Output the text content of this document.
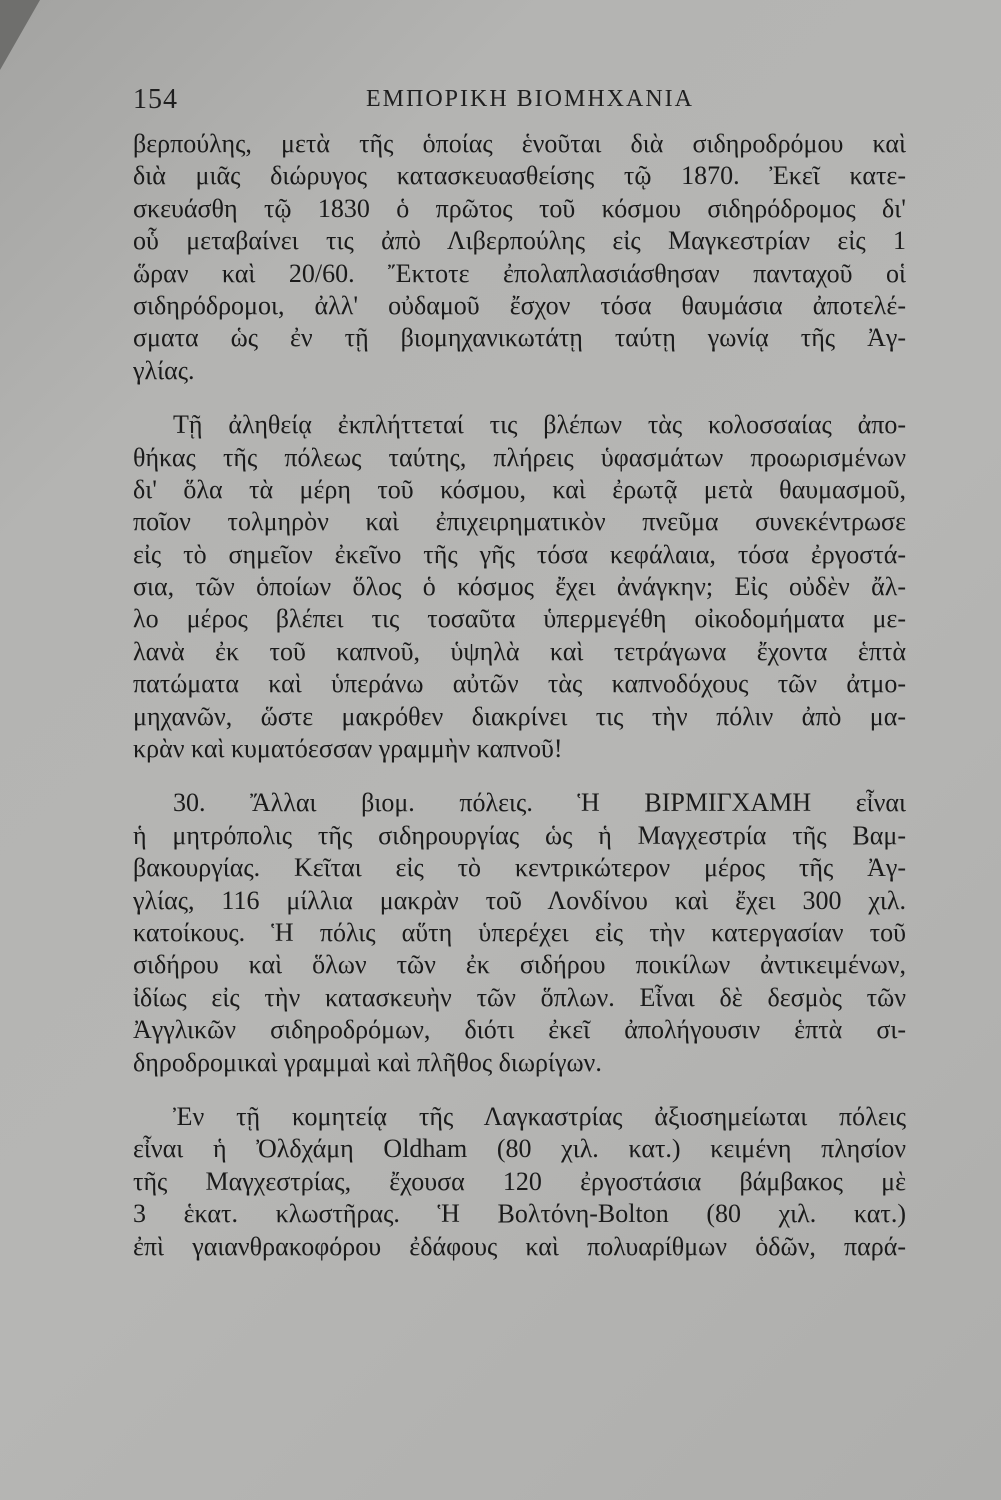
154	ΕΜΠΟΡΙΚΗ ΒΙΟΜΗΧΑΝΙΑ
βερπούλης, μετὰ τῆς ὁποίας ἑνοῦται διὰ σιδηροδρόμου καὶ
διὰ μιᾶς διώρυγος κατασκευασθείσης τῷ 1870. Ἐκεῖ κατε-
σκευάσθη τῷ 1830 ὁ πρῶτος τοῦ κόσμου σιδηρόδρομος δι'
οὗ μεταβαίνει τις ἀπὸ Λιβερπούλης εἰς Μαγκεστρίαν εἰς 1
ὥραν καὶ 20/60. Ἔκτοτε ἐπολαπλασιάσθησαν πανταχοῦ οἱ
σιδηρόδρομοι, ἀλλ' οὐδαμοῦ ἔσχον τόσα θαυμάσια ἀποτελέ-
σματα ὡς ἐν τῇ βιομηχανικωτάτῃ ταύτῃ γωνίᾳ τῆς Ἀγ-
γλίας.
Τῇ ἀληθείᾳ ἐκπλήττεταί τις βλέπων τὰς κολοσσαίας ἀπο-
θήκας τῆς πόλεως ταύτης, πλήρεις ὑφασμάτων προωρισμένων
δι' ὅλα τὰ μέρη τοῦ κόσμου, καὶ ἐρωτᾷ μετὰ θαυμασμοῦ,
ποῖον τολμηρὸν καὶ ἐπιχειρηματικὸν πνεῦμα συνεκέντρωσε
εἰς τὸ σημεῖον ἐκεῖνο τῆς γῆς τόσα κεφάλαια, τόσα ἐργοστά-
σια, τῶν ὁποίων ὅλος ὁ κόσμος ἔχει ἀνάγκην; Εἰς οὐδὲν ἄλ-
λο μέρος βλέπει τις τοσαῦτα ὑπερμεγέθη οἰκοδομήματα με-
λανὰ ἐκ τοῦ καπνοῦ, ὑψηλὰ καὶ τετράγωνα ἔχοντα ἑπτὰ
πατώματα καὶ ὑπεράνω αὐτῶν τὰς καπνοδόχους τῶν ἀτμο-
μηχανῶν, ὥστε μακρόθεν διακρίνει τις τὴν πόλιν ἀπὸ μα-
κρὰν καὶ κυματόεσσαν γραμμὴν καπνοῦ!
30. Ἄλλαι βιομ. πόλεις. Ἡ ΒΙΡΜΙΓΧΑΜΗ εἶναι
ἡ μητρόπολις τῆς σιδηρουργίας ὡς ἡ Μαγχεστρία τῆς Βαμ-
βακουργίας. Κεῖται εἰς τὸ κεντρικώτερον μέρος τῆς Ἀγ-
γλίας, 116 μίλλια μακρὰν τοῦ Λονδίνου καὶ ἔχει 300 χιλ.
κατοίκους. Ἡ πόλις αὕτη ὑπερέχει εἰς τὴν κατεργασίαν τοῦ
σιδήρου καὶ ὅλων τῶν ἐκ σιδήρου ποικίλων ἀντικειμένων,
ἰδίως εἰς τὴν κατασκευὴν τῶν ὅπλων. Εἶναι δὲ δεσμὸς τῶν
Ἀγγλικῶν σιδηροδρόμων, διότι ἐκεῖ ἀπολήγουσιν ἑπτὰ σι-
δηροδρομικαὶ γραμμαὶ καὶ πλῆθος διωρίγων.
Ἐν τῇ κομητείᾳ τῆς Λαγκαστρίας ἀξιοσημείωται πόλεις
εἶναι ἡ Ὀλδχάμη Oldham (80 χιλ. κατ.) κειμένη πλησίον
τῆς Μαγχεστρίας, ἔχουσα 120 ἐργοστάσια βάμβακος μὲ
3 ἑκατ. κλωστῆρας. Ἡ Βολτόνη-Bolton (80 χιλ. κατ.)
ἐπὶ γαιανθρακοφόρου ἐδάφους καὶ πολυαρίθμων ὁδῶν, παρά-
